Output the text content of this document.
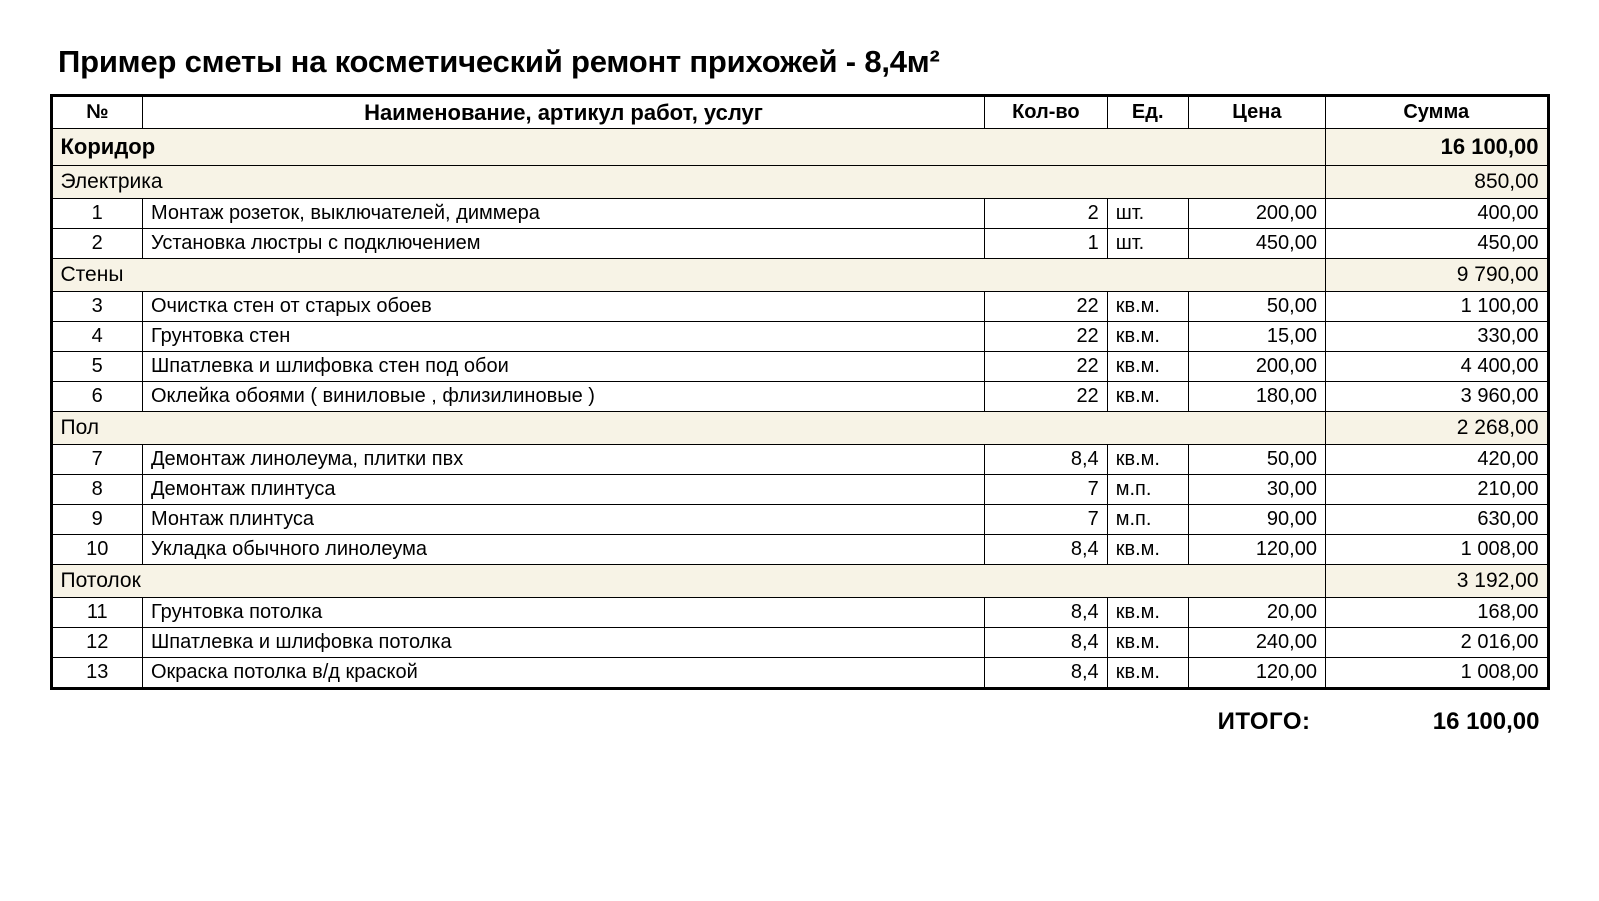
Пример сметы на косметический ремонт прихожей - 8,4м²
№	Наименование, артикул работ, услуг	Кол-во	Ед.	Цена	Сумма
Коридор					16 100,00
Электрика					850,00
1	Монтаж розеток, выключателей, диммера	2	шт.	200,00	400,00
2	Установка люстры с подключением	1	шт.	450,00	450,00
Стены					9 790,00
3	Очистка стен от старых обоев	22	кв.м.	50,00	1 100,00
4	Грунтовка стен	22	кв.м.	15,00	330,00
5	Шпатлевка и шлифовка стен под обои	22	кв.м.	200,00	4 400,00
6	Оклейка обоями ( виниловые , флизилиновые )	22	кв.м.	180,00	3 960,00
Пол					2 268,00
7	Демонтаж линолеума, плитки пвх	8,4	кв.м.	50,00	420,00
8	Демонтаж плинтуса	7	м.п.	30,00	210,00
9	Монтаж плинтуса	7	м.п.	90,00	630,00
10	Укладка обычного линолеума	8,4	кв.м.	120,00	1 008,00
Потолок					3 192,00
11	Грунтовка потолка	8,4	кв.м.	20,00	168,00
12	Шпатлевка и шлифовка потолка	8,4	кв.м.	240,00	2 016,00
13	Окраска потолка в/д краской	8,4	кв.м.	120,00	1 008,00
ИТОГО:	16 100,00
